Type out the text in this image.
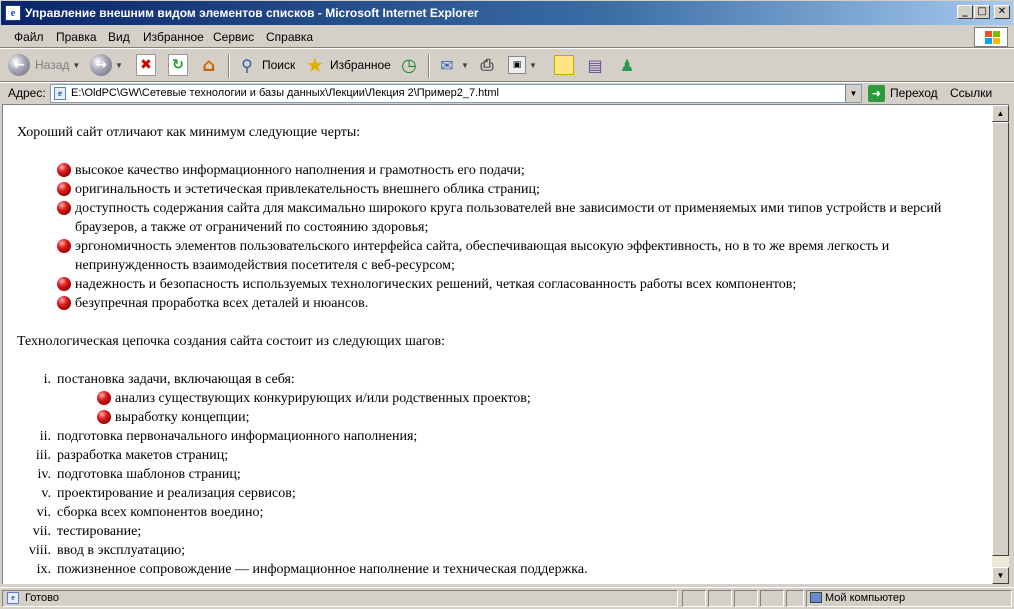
e Управление внешним видом элементов списков - Microsoft Internet Explorer	_ □	✕
Файл Правка Вид Избранное Сервис Справка
← Назад ▼	→	▼ ✖ ↻ ⌂	⚲ Поиск ★ Избранное ◷ ✉ ▼ ⎙	▣ ▼	▤ ♟
Адрес:	e E:\OldPC\GW\Сетевые технологии и базы данных\Лекции\Лекция 2\Пример2_7.html	▼	➜ Переход Ссылки
Хороший сайт отличают как минимум следующие черты:
высокое качество информационного наполнения и грамотность его подачи;
оригинальность и эстетическая привлекательность внешнего облика страниц;
доступность содержания сайта для максимально широкого круга пользователей вне зависимости от применяемых ими типов устройств и версий браузеров, а также от ограничений по состоянию здоровья;
эргономичность элементов пользовательского интерфейса сайта, обеспечивающая высокую эффективность, но в то же время легкость и непринужденность взаимодействия посетителя с веб-ресурсом;
надежность и безопасность используемых технологических решений, четкая согласованность работы всех компонентов;
безупречная проработка всех деталей и нюансов.
Технологическая цепочка создания сайта состоит из следующих шагов:
i. постановка задачи, включающая в себя:
анализ существующих конкурирующих и/или родственных проектов;
выработку концепции;
ii. подготовка первоначального информационного наполнения;
iii. разработка макетов страниц;
iv. подготовка шаблонов страниц;
v. проектирование и реализация сервисов;
vi. сборка всех компонентов воедино;
vii. тестирование;
viii. ввод в эксплуатацию;
ix. пожизненное сопровождение — информационное наполнение и техническая поддержка.
▲
▼
e Готово	Мой компьютер
